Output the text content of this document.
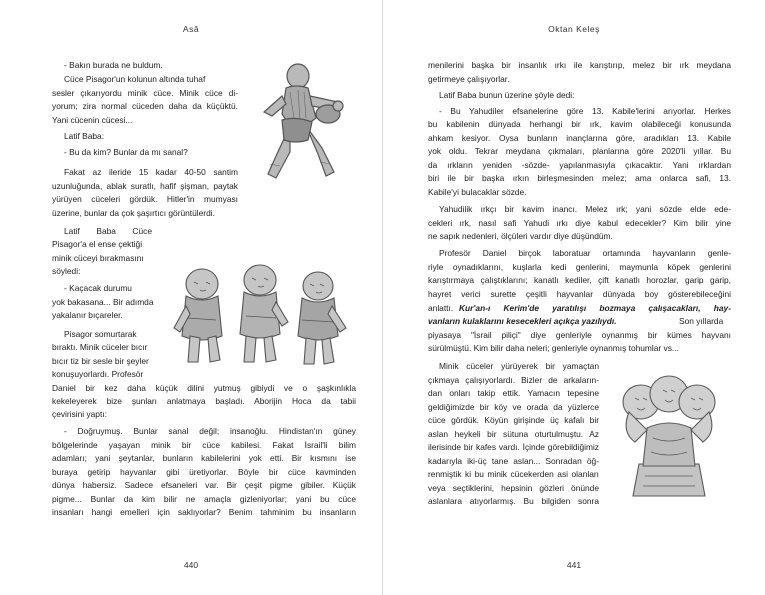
Asâ
- Bakın burada ne buldum.
Cüce Pisagor'un kolunun altında tuhaf
sesler çıkarıyordu minik cüce. Minik cüce di-
yorum; zira normal cüceden daha da küçüktü.
Yani cücenin cücesi...
Latif Baba:
- Bu da kim? Bunlar da mı sanal?
Fakat az ileride 15 kadar 40-50 santim
uzunluğunda, ablak suratlı, hafif şişman, paytak
yürüyen cüceleri gördük. Hitler'in mumyası
üzerine, bunlar da çok şaşırtıcı görüntülerdi.
Latif Baba Cüce
Pisagor'a el ense çektiği
minik cüceyi bırakmasını
söyledi:
- Kaçacak durumu
yok bakasana... Bir adımda
yakalanır bıçareler.
Pisagor somurtarak
bıraktı. Minik cüceler bıcır
bıcır tiz bir sesle bir şeyler
konuşuyorlardı. Profesör
Daniel bir kez daha küçük dilini yutmuş gibiydi ve o şaşkınlıkla
kekeleyerek bize şunları anlatmaya başladı. Aborijin Hoca da tabii
çevirisini yaptı:
- Doğruymuş. Bunlar sanal değil; insanoğlu. Hindistan'ın güney
bölgelerinde yaşayan minik bir cüce kabilesi. Fakat İsrail'li bilim
adamları; yani şeytanlar, bunların kabilelerini yok etti. Bir kısmını ise
buraya getirip hayvanlar gibi üretiyorlar. Böyle bir cüce kavminden
dünya habersiz. Sadece efsaneleri var. Bir çeşit pigme gibiler. Küçük
pigme... Bunlar da kim bilir ne amaçla gizleniyorlar; yani bu cüce
insanları hangi emelleri için saklıyorlar? Benim tahminim bu insanların
440
Oktan Keleş
menilerini başka bir insanlık ırkı ile karıştırıp, melez bir ırk meydana
getirmeye çalışıyorlar.
Latif Baba bunun üzerine şöyle dedi:
- Bu Yahudiler efsanelerine göre 13. Kabile'lerini arıyorlar. Herkes
bu kabilenin dünyada herhangi bir ırk, kavim olabileceği konusunda
ahkam kesiyor. Oysa bunların inançlarına göre, aradıkları 13. Kabile
yok oldu. Tekrar meydana çıkmaları, planlarına göre 2020'li yıllar. Bu
da ırkların yeniden -sözde- yapılanmasıyla çıkacaktır. Yani ırklardan
biri ile bir başka ırkın birleşmesinden melez; ama onlarca safi, 13.
Kabile'yi bulacaklar sözde.
Yahudilik ırkçı bir kavim inancı. Melez ırk; yani sözde elde ede-
cekleri ırk, nasıl safi Yahudi ırkı diye kabul edecekler? Kim bilir yine
ne sapık nedenleri, ölçüleri vardır diye düşündüm.
Profesör Daniel birçok laboratuar ortamında hayvanların genle-
riyle oynadıklarını, kuşlarla kedi genlerini, maymunla köpek genlerini
karıştırmaya çalıştıklarını; kanatlı kediler, çift kanatlı horozlar, garip garip,
hayret verici surette çeşitli hayvanlar dünyada boy gösterebileceğini
anlattı. Kur'an-ı Kerim'de yaratılışı bozmaya çalışacakları, hay-
vanların kulaklarını kesecekleri açıkça yazılıydı.	Son yıllarda
piyasaya "İsrail piliçi" diye genleriyle oynanmış bir kümes hayvanı
sürülmüştü. Kim bilir daha neleri; genleriyle oynanmış tohumlar vs...
Minik cüceler yürüyerek bir yamaçtan
çıkmaya çalışıyorlardı. Bizler de arkaların-
dan onları takip ettik. Yamacın tepesine
geldiğimizde bir köy ve orada da yüzlerce
cüce gördük. Köyün girişinde üç kafalı bir
aslan heykeli bir sütuna oturtulmuştu. Az
ilerisinde bir kafes vardı. İçinde görebildiğimiz
kadarıyla iki-üç tane aslan... Sonradan öğ-
renmiştik ki bu minik cücekerden asi olanları
veya seçtiklerini, hepsinin gözleri önünde
aslanlara atıyorlarmış. Bu bilgiden sonra
441
